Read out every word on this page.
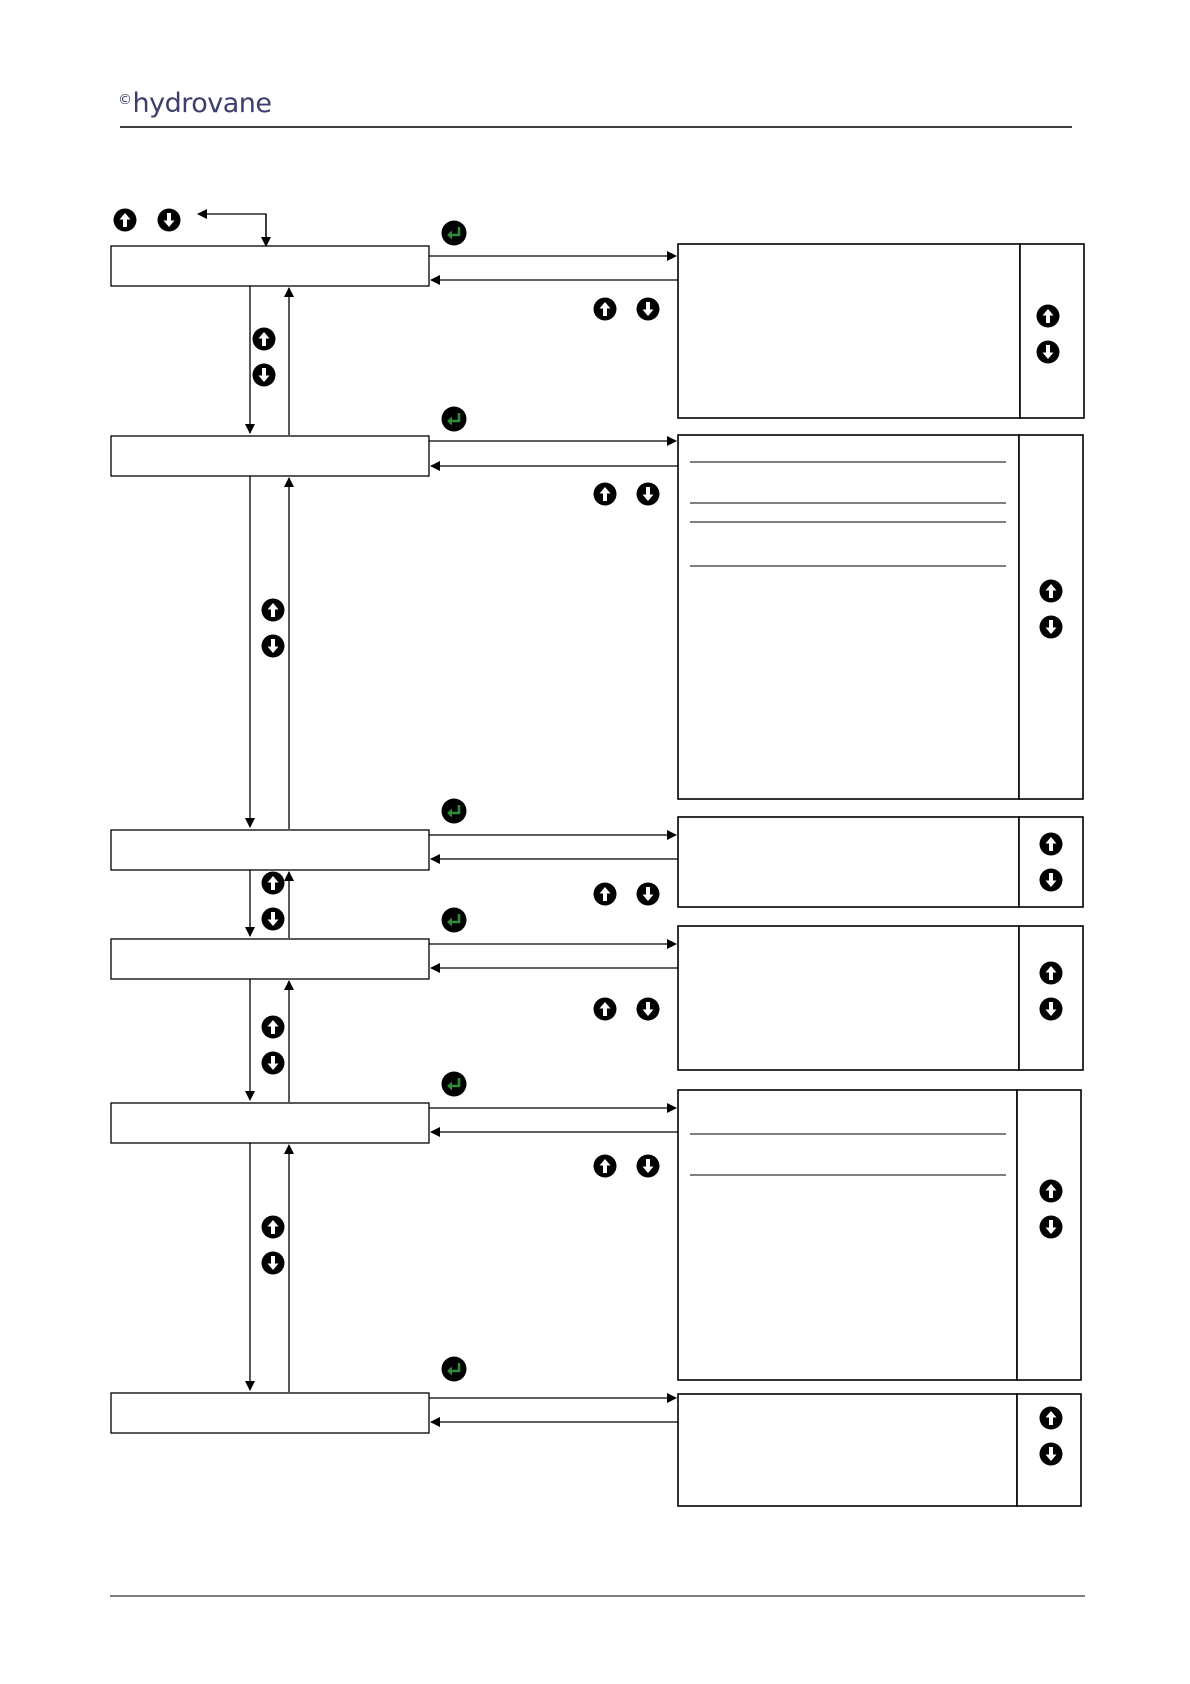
©hydrovane
